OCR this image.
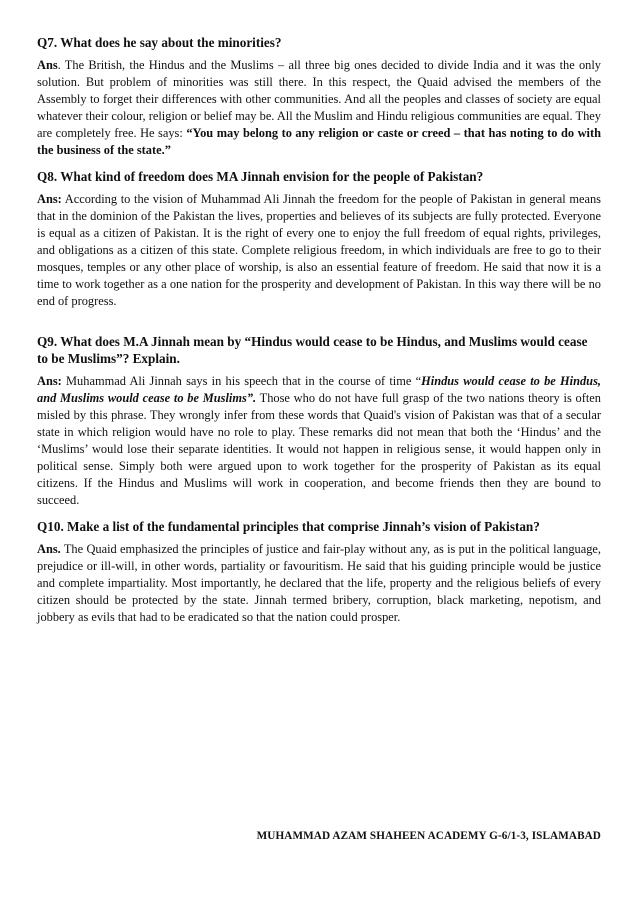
Q7. What does he say about the minorities?

Ans. The British, the Hindus and the Muslims – all three big ones decided to divide India and it was the only solution. But problem of minorities was still there. In this respect, the Quaid advised the members of the Assembly to forget their differences with other communities. And all the peoples and classes of society are equal whatever their colour, religion or belief may be. All the Muslim and Hindu religious communities are equal. They are completely free. He says: “You may belong to any religion or caste or creed – that has noting to do with the business of the state.”

Q8. What kind of freedom does MA Jinnah envision for the people of Pakistan?

Ans: According to the vision of Muhammad Ali Jinnah the freedom for the people of Pakistan in general means that in the dominion of the Pakistan the lives, properties and believes of its subjects are fully protected. Everyone is equal as a citizen of Pakistan. It is the right of every one to enjoy the full freedom of equal rights, privileges, and obligations as a citizen of this state. Complete religious freedom, in which individuals are free to go to their mosques, temples or any other place of worship, is also an essential feature of freedom. He said that now it is a time to work together as a one nation for the prosperity and development of Pakistan. In this way there will be no end of progress.

Q9. What does M.A Jinnah mean by “Hindus would cease to be Hindus, and Muslims would cease to be Muslims”? Explain.

Ans: Muhammad Ali Jinnah says in his speech that in the course of time “Hindus would cease to be Hindus, and Muslims would cease to be Muslims”. Those who do not have full grasp of the two nations theory is often misled by this phrase. They wrongly infer from these words that Quaid's vision of Pakistan was that of a secular state in which religion would have no role to play. These remarks did not mean that both the ‘Hindus’ and the ‘Muslims’ would lose their separate identities. It would not happen in religious sense, it would happen only in political sense. Simply both were argued upon to work together for the prosperity of Pakistan as its equal citizens. If the Hindus and Muslims will work in cooperation, and become friends then they are bound to succeed.

Q10. Make a list of the fundamental principles that comprise Jinnah’s vision of Pakistan?

Ans. The Quaid emphasized the principles of justice and fair-play without any, as is put in the political language, prejudice or ill-will, in other words, partiality or favouritism. He said that his guiding principle would be justice and complete impartiality. Most importantly, he declared that the life, property and the religious beliefs of every citizen should be protected by the state. Jinnah termed bribery, corruption, black marketing, nepotism, and jobbery as evils that had to be eradicated so that the nation could prosper.

MUHAMMAD AZAM SHAHEEN ACADEMY G-6/1-3, ISLAMABAD
